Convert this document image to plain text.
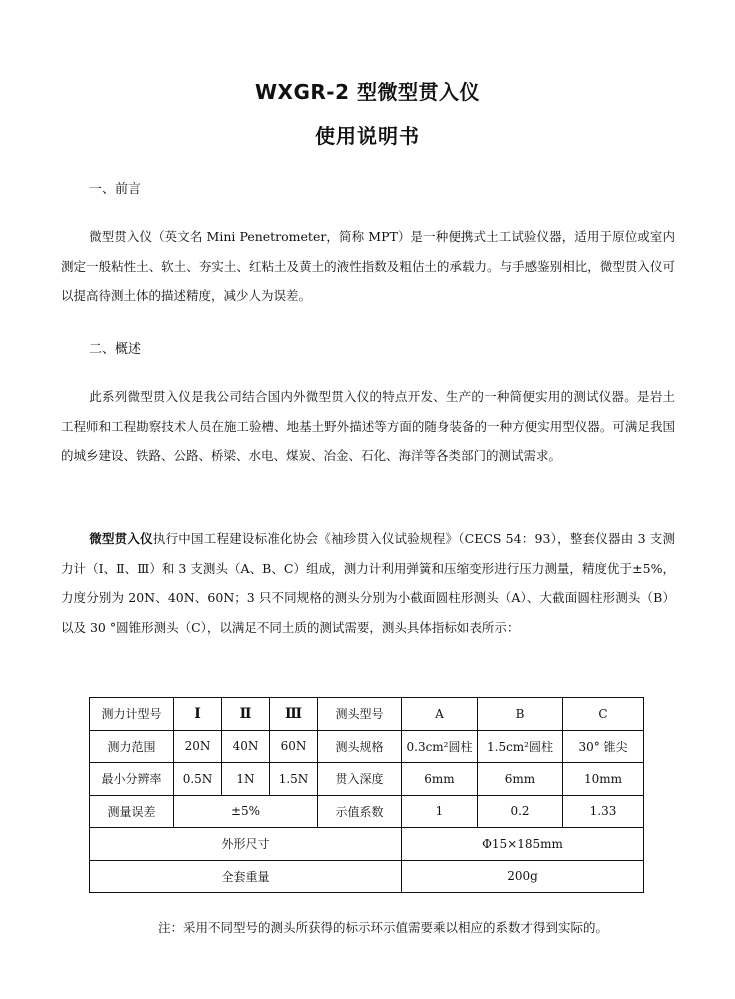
WXGR-2 型微型贯入仪
使用说明书
一、前言
微型贯入仪（英文名 Mini Penetrometer，简称 MPT）是一种便携式土工试验仪器，适用于原位或室内测定一般粘性土、软土、夯实土、红粘土及黄土的液性指数及粗估土的承载力。与手感鉴别相比，微型贯入仪可以提高待测土体的描述精度，减少人为误差。
二、概述
此系列微型贯入仪是我公司结合国内外微型贯入仪的特点开发、生产的一种简便实用的测试仪器。是岩土工程师和工程勘察技术人员在施工验槽、地基土野外描述等方面的随身装备的一种方便实用型仪器。可满足我国的城乡建设、铁路、公路、桥梁、水电、煤炭、冶金、石化、海洋等各类部门的测试需求。
微型贯入仪执行中国工程建设标准化协会《袖珍贯入仪试验规程》（CECS 54：93），整套仪器由 3 支测力计（Ⅰ、Ⅱ、Ⅲ）和 3 支测头（A、B、C）组成，测力计利用弹簧和压缩变形进行压力测量，精度优于±5%，力度分别为 20N、40N、60N；3 只不同规格的测头分别为小截面圆柱形测头（A）、大截面圆柱形测头（B）以及 30 °圆锥形测头（C），以满足不同土质的测试需要，测头具体指标如表所示：
测力计型号	Ⅰ	Ⅱ	Ⅲ	测头型号	A	B	C
测力范围	20N	40N	60N	测头规格	0.3cm²圆柱	1.5cm²圆柱	30° 锥尖
最小分辨率	0.5N	1N	1.5N	贯入深度	6mm	6mm	10mm
测量误差	±5%			示值系数	1	0.2	1.33
外形尺寸					Φ15×185mm		
全套重量					200g		
注：采用不同型号的测头所获得的标示环示值需要乘以相应的系数才得到实际的。
